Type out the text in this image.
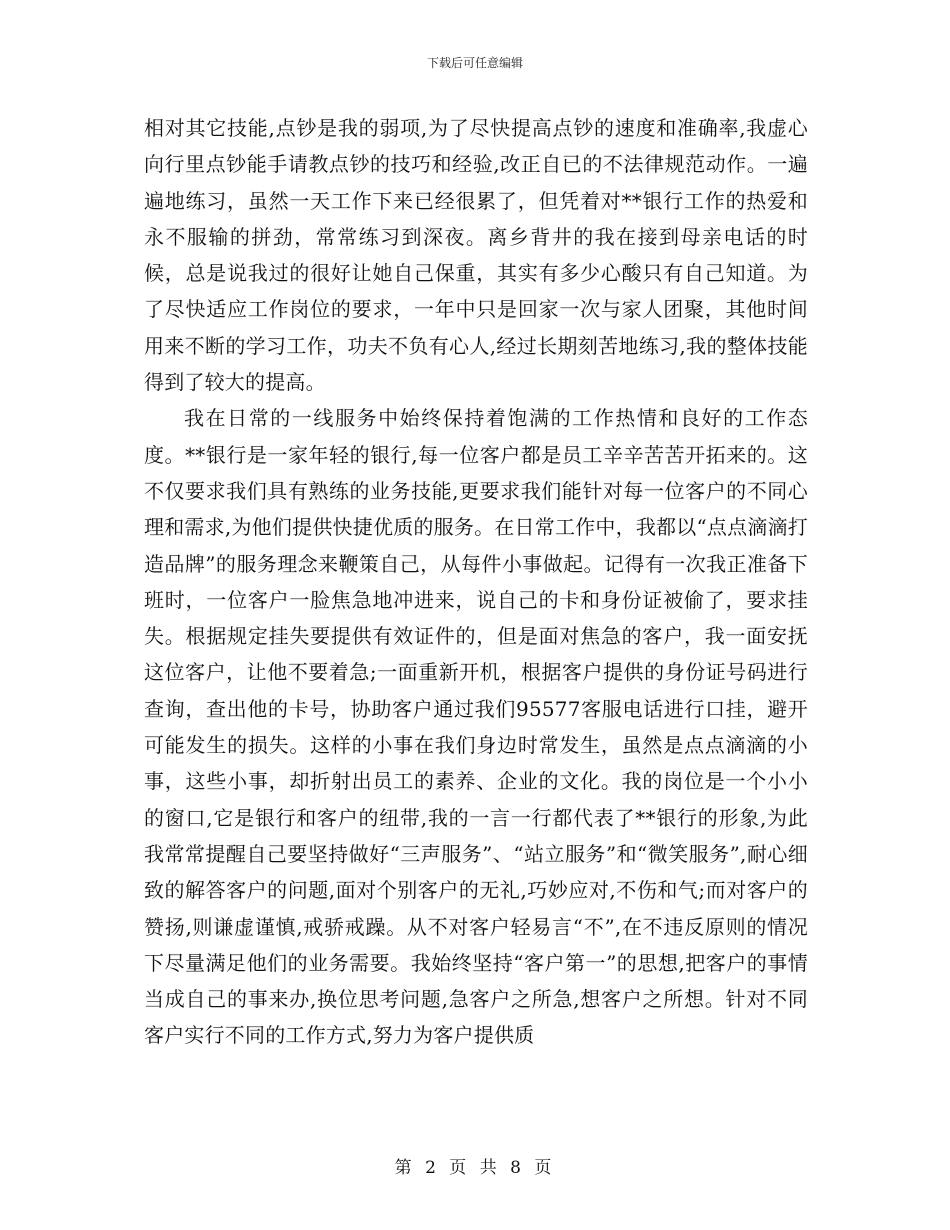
下载后可任意编辑

相对其它技能,点钞是我的弱项,为了尽快提高点钞的速度和准确率,我虚心向行里点钞能手请教点钞的技巧和经验,改正自已的不法律规范动作。一遍遍地练习，虽然一天工作下来已经很累了，但凭着对**银行工作的热爱和永不服输的拼劲，常常练习到深夜。离乡背井的我在接到母亲电话的时候，总是说我过的很好让她自己保重，其实有多少心酸只有自己知道。为了尽快适应工作岗位的要求，一年中只是回家一次与家人团聚，其他时间用来不断的学习工作，功夫不负有心人,经过长期刻苦地练习,我的整体技能得到了较大的提高。

我在日常的一线服务中始终保持着饱满的工作热情和良好的工作态度。**银行是一家年轻的银行,每一位客户都是员工辛辛苦苦开拓来的。这不仅要求我们具有熟练的业务技能,更要求我们能针对每一位客户的不同心理和需求,为他们提供快捷优质的服务。在日常工作中，我都以“点点滴滴打造品牌”的服务理念来鞭策自己，从每件小事做起。记得有一次我正准备下班时，一位客户一脸焦急地冲进来，说自己的卡和身份证被偷了，要求挂失。根据规定挂失要提供有效证件的，但是面对焦急的客户，我一面安抚这位客户，让他不要着急;一面重新开机，根据客户提供的身份证号码进行查询，查出他的卡号，协助客户通过我们95577客服电话进行口挂，避开可能发生的损失。这样的小事在我们身边时常发生，虽然是点点滴滴的小事，这些小事，却折射出员工的素养、企业的文化。我的岗位是一个小小的窗口,它是银行和客户的纽带,我的一言一行都代表了**银行的形象,为此我常常提醒自己要坚持做好“三声服务”、“站立服务”和“微笑服务”,耐心细致的解答客户的问题,面对个别客户的无礼,巧妙应对,不伤和气;而对客户的赞扬,则谦虚谨慎,戒骄戒躁。从不对客户轻易言“不”,在不违反原则的情况下尽量满足他们的业务需要。我始终坚持“客户第一”的思想,把客户的事情当成自己的事来办,换位思考问题,急客户之所急,想客户之所想。针对不同客户实行不同的工作方式,努力为客户提供质

第 2 页 共 8 页
